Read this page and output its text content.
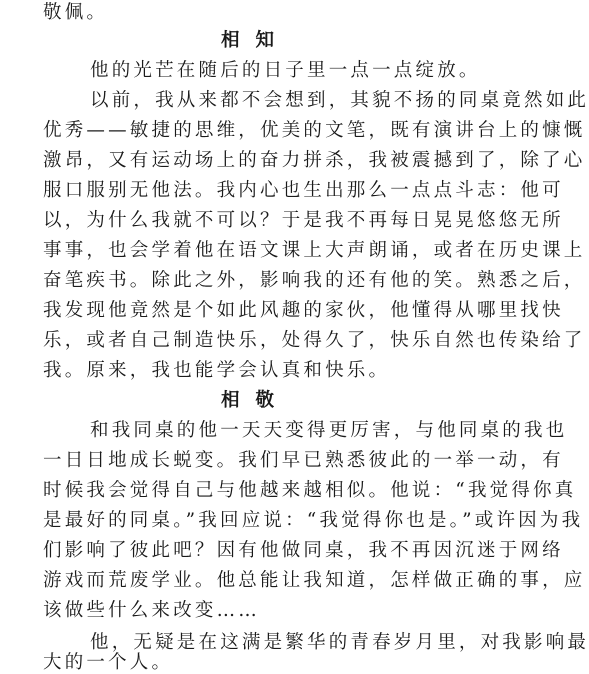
敬佩。
相知
他的光芒在随后的日子里一点一点绽放。
以前，我从来都不会想到，其貌不扬的同桌竟然如此
优秀——敏捷的思维，优美的文笔，既有演讲台上的慷慨
激昂，又有运动场上的奋力拼杀，我被震撼到了，除了心
服口服别无他法。我内心也生出那么一点点斗志：他可
以，为什么我就不可以？于是我不再每日晃晃悠悠无所
事事，也会学着他在语文课上大声朗诵，或者在历史课上
奋笔疾书。除此之外，影响我的还有他的笑。熟悉之后，
我发现他竟然是个如此风趣的家伙，他懂得从哪里找快
乐，或者自己制造快乐，处得久了，快乐自然也传染给了
我。原来，我也能学会认真和快乐。
相敬
和我同桌的他一天天变得更厉害，与他同桌的我也
一日日地成长蜕变。我们早已熟悉彼此的一举一动，有
时候我会觉得自己与他越来越相似。他说：“我觉得你真
是最好的同桌。”我回应说：“我觉得你也是。”或许因为我
们影响了彼此吧？因有他做同桌，我不再因沉迷于网络
游戏而荒废学业。他总能让我知道，怎样做正确的事，应
该做些什么来改变……
他，无疑是在这满是繁华的青春岁月里，对我影响最
大的一个人。
